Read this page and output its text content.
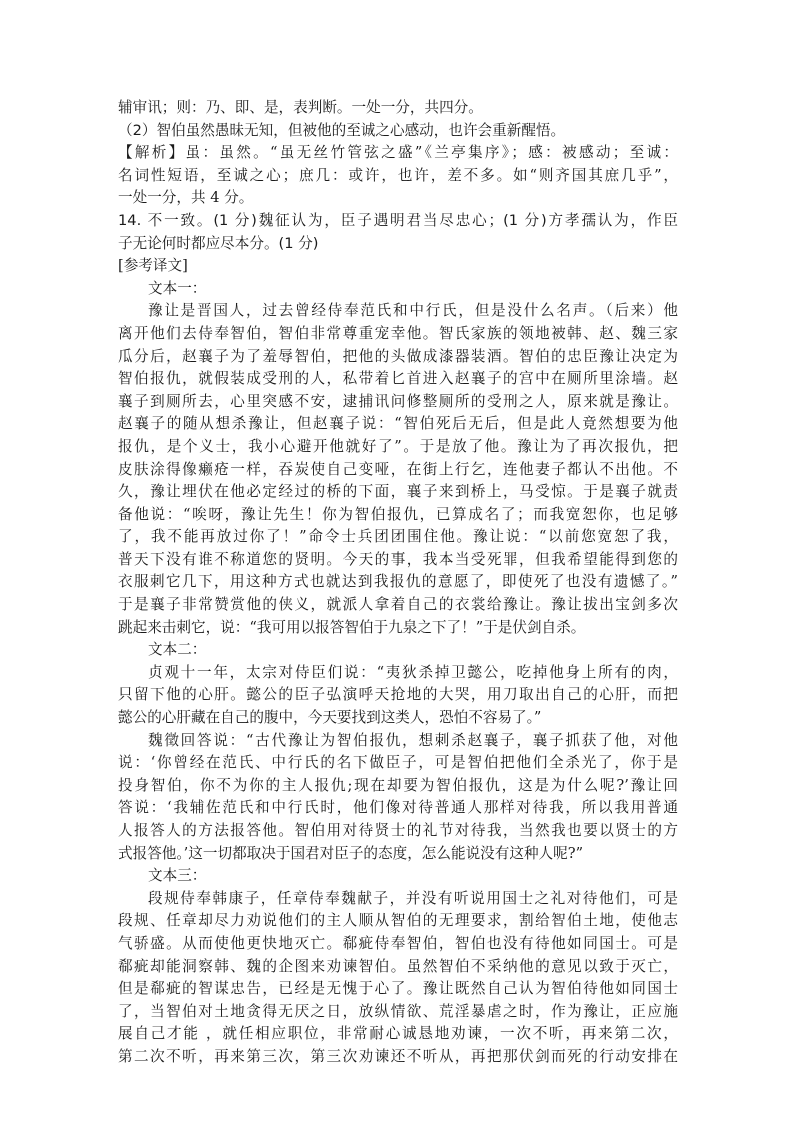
辅审讯；则：乃、即、是，表判断。一处一分，共四分。
（2）智伯虽然愚昧无知，但被他的至诚之心感动，也许会重新醒悟。
【解析】虽：虽然。“虽无丝竹管弦之盛”《兰亭集序》；感：被感动；至诚：
名词性短语，至诚之心；庶几：或许，也许，差不多。如“则齐国其庶几乎”，
一处一分，共 4 分。
14. 不一致。(1 分)魏征认为，臣子遇明君当尽忠心；(1 分)方孝孺认为，作臣
子无论何时都应尽本分。(1 分)
[参考译文]
文本一：
豫让是晋国人，过去曾经侍奉范氏和中行氏，但是没什么名声。（后来）他
离开他们去侍奉智伯，智伯非常尊重宠幸他。智氏家族的领地被韩、赵、魏三家
瓜分后，赵襄子为了羞辱智伯，把他的头做成漆器装酒。智伯的忠臣豫让决定为
智伯报仇，就假装成受刑的人，私带着匕首进入赵襄子的宫中在厕所里涂墙。赵
襄子到厕所去，心里突感不安，逮捕讯问修整厕所的受刑之人，原来就是豫让。
赵襄子的随从想杀豫让，但赵襄子说：“智伯死后无后，但是此人竟然想要为他
报仇，是个义士，我小心避开他就好了”。于是放了他。豫让为了再次报仇，把
皮肤涂得像癞疮一样，吞炭使自己变哑，在街上行乞，连他妻子都认不出他。不
久，豫让埋伏在他必定经过的桥的下面，襄子来到桥上，马受惊。于是襄子就责
备他说：“唉呀，豫让先生！你为智伯报仇，已算成名了；而我宽恕你，也足够
了，我不能再放过你了！”命令士兵团团围住他。豫让说：“以前您宽恕了我，
普天下没有谁不称道您的贤明。今天的事，我本当受死罪，但我希望能得到您的
衣服刺它几下，用这种方式也就达到我报仇的意愿了，即使死了也没有遗憾了。”
于是襄子非常赞赏他的侠义，就派人拿着自己的衣裳给豫让。豫让拔出宝剑多次
跳起来击刺它，说：“我可用以报答智伯于九泉之下了！”于是伏剑自杀。
文本二：
贞观十一年，太宗对侍臣们说：“夷狄杀掉卫懿公，吃掉他身上所有的肉，
只留下他的心肝。懿公的臣子弘演呼天抢地的大哭，用刀取出自己的心肝，而把
懿公的心肝藏在自己的腹中，今天要找到这类人，恐怕不容易了。”
魏徵回答说：“古代豫让为智伯报仇，想刺杀赵襄子，襄子抓获了他，对他
说：‘你曾经在范氏、中行氏的名下做臣子，可是智伯把他们全杀光了，你于是
投身智伯，你不为你的主人报仇;现在却要为智伯报仇，这是为什么呢?’豫让回
答说：‘我辅佐范氏和中行氏时，他们像对待普通人那样对待我，所以我用普通
人报答人的方法报答他。智伯用对待贤士的礼节对待我，当然我也要以贤士的方
式报答他。’这一切都取决于国君对臣子的态度，怎么能说没有这种人呢?”
文本三：
段规侍奉韩康子，任章侍奉魏献子，并没有听说用国士之礼对待他们，可是
段规、任章却尽力劝说他们的主人顺从智伯的无理要求，割给智伯土地，使他志
气骄盛。从而使他更快地灭亡。郗疵侍奉智伯，智伯也没有待他如同国士。可是
郗疵却能洞察韩、魏的企图来劝谏智伯。虽然智伯不采纳他的意见以致于灭亡，
但是郗疵的智谋忠告，已经是无愧于心了。豫让既然自己认为智伯待他如同国士
了，当智伯对土地贪得无厌之日，放纵情欲、荒淫暴虐之时，作为豫让，正应施
展自己才能 ，就任相应职位，非常耐心诚恳地劝谏，一次不听，再来第二次，
第二次不听，再来第三次，第三次劝谏还不听从，再把那伏剑而死的行动安排在
